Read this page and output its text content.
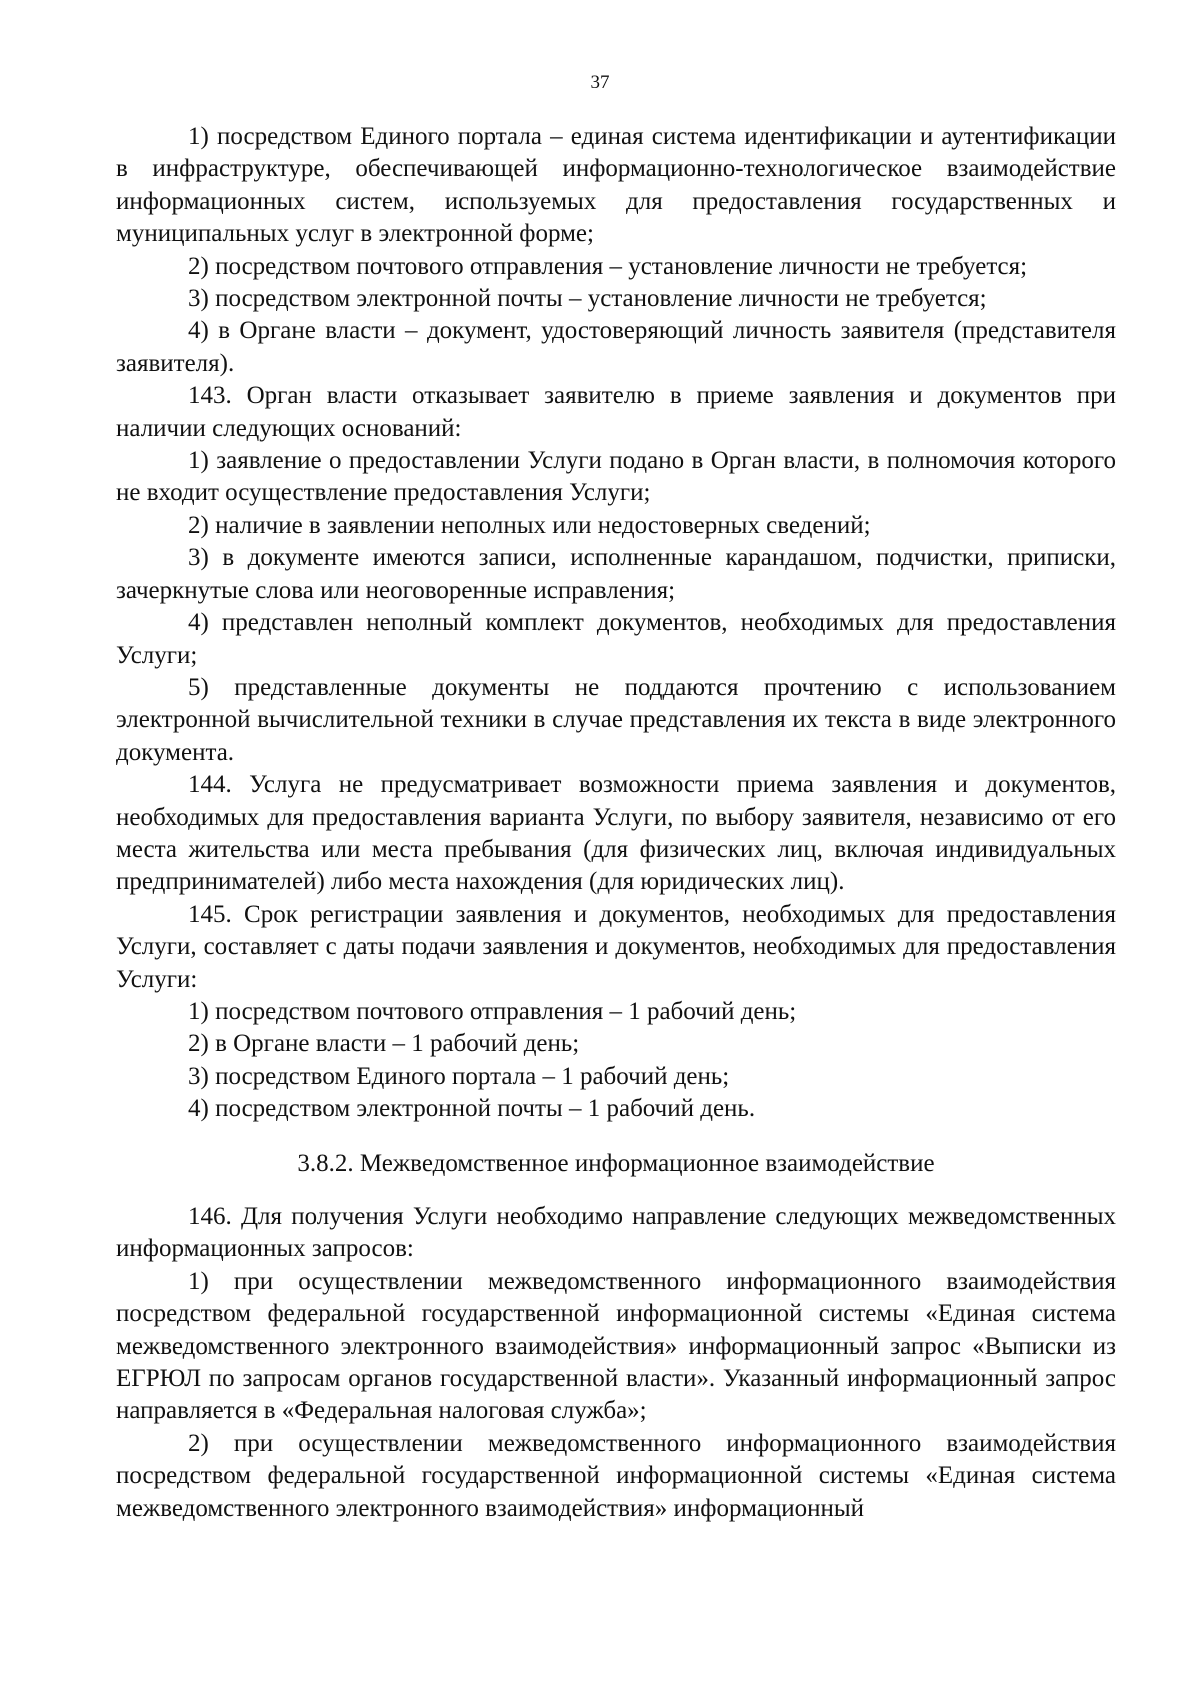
37

1) посредством Единого портала – единая система идентификации и аутентификации в инфраструктуре, обеспечивающей информационно-технологическое взаимодействие информационных систем, используемых для предоставления государственных и муниципальных услуг в электронной форме;

2) посредством почтового отправления – установление личности не требуется;

3) посредством электронной почты – установление личности не требуется;

4) в Органе власти – документ, удостоверяющий личность заявителя (представителя заявителя).

143. Орган власти отказывает заявителю в приеме заявления и документов при наличии следующих оснований:

1) заявление о предоставлении Услуги подано в Орган власти, в полномочия которого не входит осуществление предоставления Услуги;

2) наличие в заявлении неполных или недостоверных сведений;

3) в документе имеются записи, исполненные карандашом, подчистки, приписки, зачеркнутые слова или неоговоренные исправления;

4) представлен неполный комплект документов, необходимых для предоставления Услуги;

5) представленные документы не поддаются прочтению с использованием электронной вычислительной техники в случае представления их текста в виде электронного документа.

144. Услуга не предусматривает возможности приема заявления и документов, необходимых для предоставления варианта Услуги, по выбору заявителя, независимо от его места жительства или места пребывания (для физических лиц, включая индивидуальных предпринимателей) либо места нахождения (для юридических лиц).

145. Срок регистрации заявления и документов, необходимых для предоставления Услуги, составляет с даты подачи заявления и документов, необходимых для предоставления Услуги:

1) посредством почтового отправления – 1 рабочий день;

2) в Органе власти – 1 рабочий день;

3) посредством Единого портала – 1 рабочий день;

4) посредством электронной почты – 1 рабочий день.

3.8.2. Межведомственное информационное взаимодействие

146. Для получения Услуги необходимо направление следующих межведомственных информационных запросов:

1) при осуществлении межведомственного информационного взаимодействия посредством федеральной государственной информационной системы «Единая система межведомственного электронного взаимодействия» информационный запрос «Выписки из ЕГРЮЛ по запросам органов государственной власти». Указанный информационный запрос направляется в «Федеральная налоговая служба»;

2) при осуществлении межведомственного информационного взаимодействия посредством федеральной государственной информационной системы «Единая система межведомственного электронного взаимодействия» информационный
